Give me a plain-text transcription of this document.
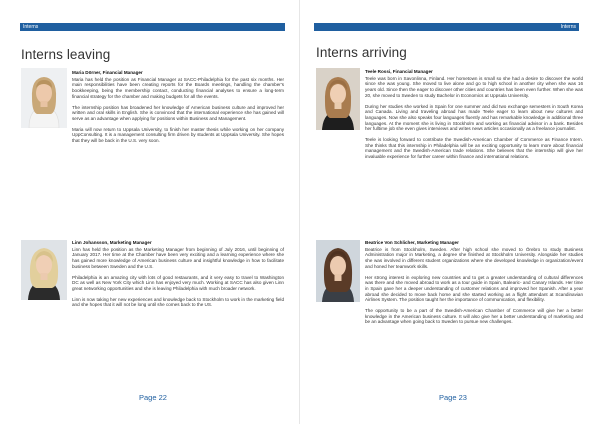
Interns
Interns leaving
Maria Dörner, Financial Manager

Maria has held the position as Financial Manager at SACC-Philadelphia for the past six months. Her main responsibilities have been creating reports for the Boards meetings, handling the chamber's bookkeeping, being the membership contact, conducting financial analyses to ensure a long-term financial strategy for the chamber and making budgets for all the events.

The internship position has broadened her knowledge of American business culture and improved her written and oral skills in English. She is convinced that the international experience she has gained will serve as an advantage when applying for positions within Business and Management.

Maria will now return to Uppsala University, to finish her master thesis while working on her company UppConsulting. It is a management consulting firm driven by students at Uppsala University. She hopes that they will be back in the U.S. very soon.

Linn Johansson, Marketing Manager

Linn has held the position as the Marketing Manager from beginning of July 2016, until beginning of January 2017. Her time at the Chamber have been very exciting and a learning experience where she has gained more knowledge of American business culture and insightful knowledge in how to facilitate business between Sweden and the U.S.

Philadelphia is an amazing city with lots of good restaurants, and it very easy to travel to Washington DC as well as New York City which Linn has enjoyed very much. Working at SACC has also given Linn great networking opportunities and she is leaving Philadelphia with much broader network.

Linn is now taking her new experiences and knowledge back to Stockholm to work in the marketing field and she hopes that it will not be long until she comes back to the US.

Page 22
Interns
Interns arriving
Teele Rossi, Financial Manager

Teele was born in Savonlinna, Finland. Her hometown is small so she had a desire to discover the world since she was young. She moved to live alone and go to high school in another city when she was 16 years old. Since then the eager to discover other cities and countries has been even further. When she was 20, she moved to Sweden to study Bachelor in Economics at Uppsala University.

During her studies she worked in Spain for one summer and did two exchange semesters in South Korea and Canada. Living and traveling abroad has made Teele eager to learn about new cultures and languages. Now she also speaks four languages fluently and has remarkable knowledge in additional three languages. At the moment she is living in Stockholm and working as financial advisor in a bank. Besides her fulltime job she even gives interviews and writes news articles occasionally as a freelance journalist.

Teele is looking forward to contribute the Swedish-American Chamber of Commerce as Finance Intern. She thinks that this internship in Philadelphia will be an exciting opportunity to learn more about financial management and the Swedish-American trade relations. She believes that the internship will give her invaluable experience for further career within finance and international relations.

Beatrice Von Schlicher, Marketing Manager

Beatrice is from Stockholm, Sweden. After high school she moved to Örebro to study Business Administration major in Marketing, a degree she finished at Stockholm University. Alongside her studies she was involved in different student organizations where she developed knowledge in organization/event and honed her teamwork skills.

Her strong interest in exploring new countries and to get a greater understanding of cultural differences was there and she moved abroad to work as a tour guide in Spain, Balearic- and Canary Islands. Her time in Spain gave her a deeper understanding of customer relations and improved her Spanish. After a year abroad she decided to move back home and she started working as a flight attendant at Scandinavian Airlines System. The position taught her the importance of communication, and flexibility.

The opportunity to be a part of the Swedish-American Chamber of Commerce will give her a better knowledge in the American business culture. It will also give her a better understanding of marketing and be an advantage when going back to Sweden to pursue new challenges.

Page 23
